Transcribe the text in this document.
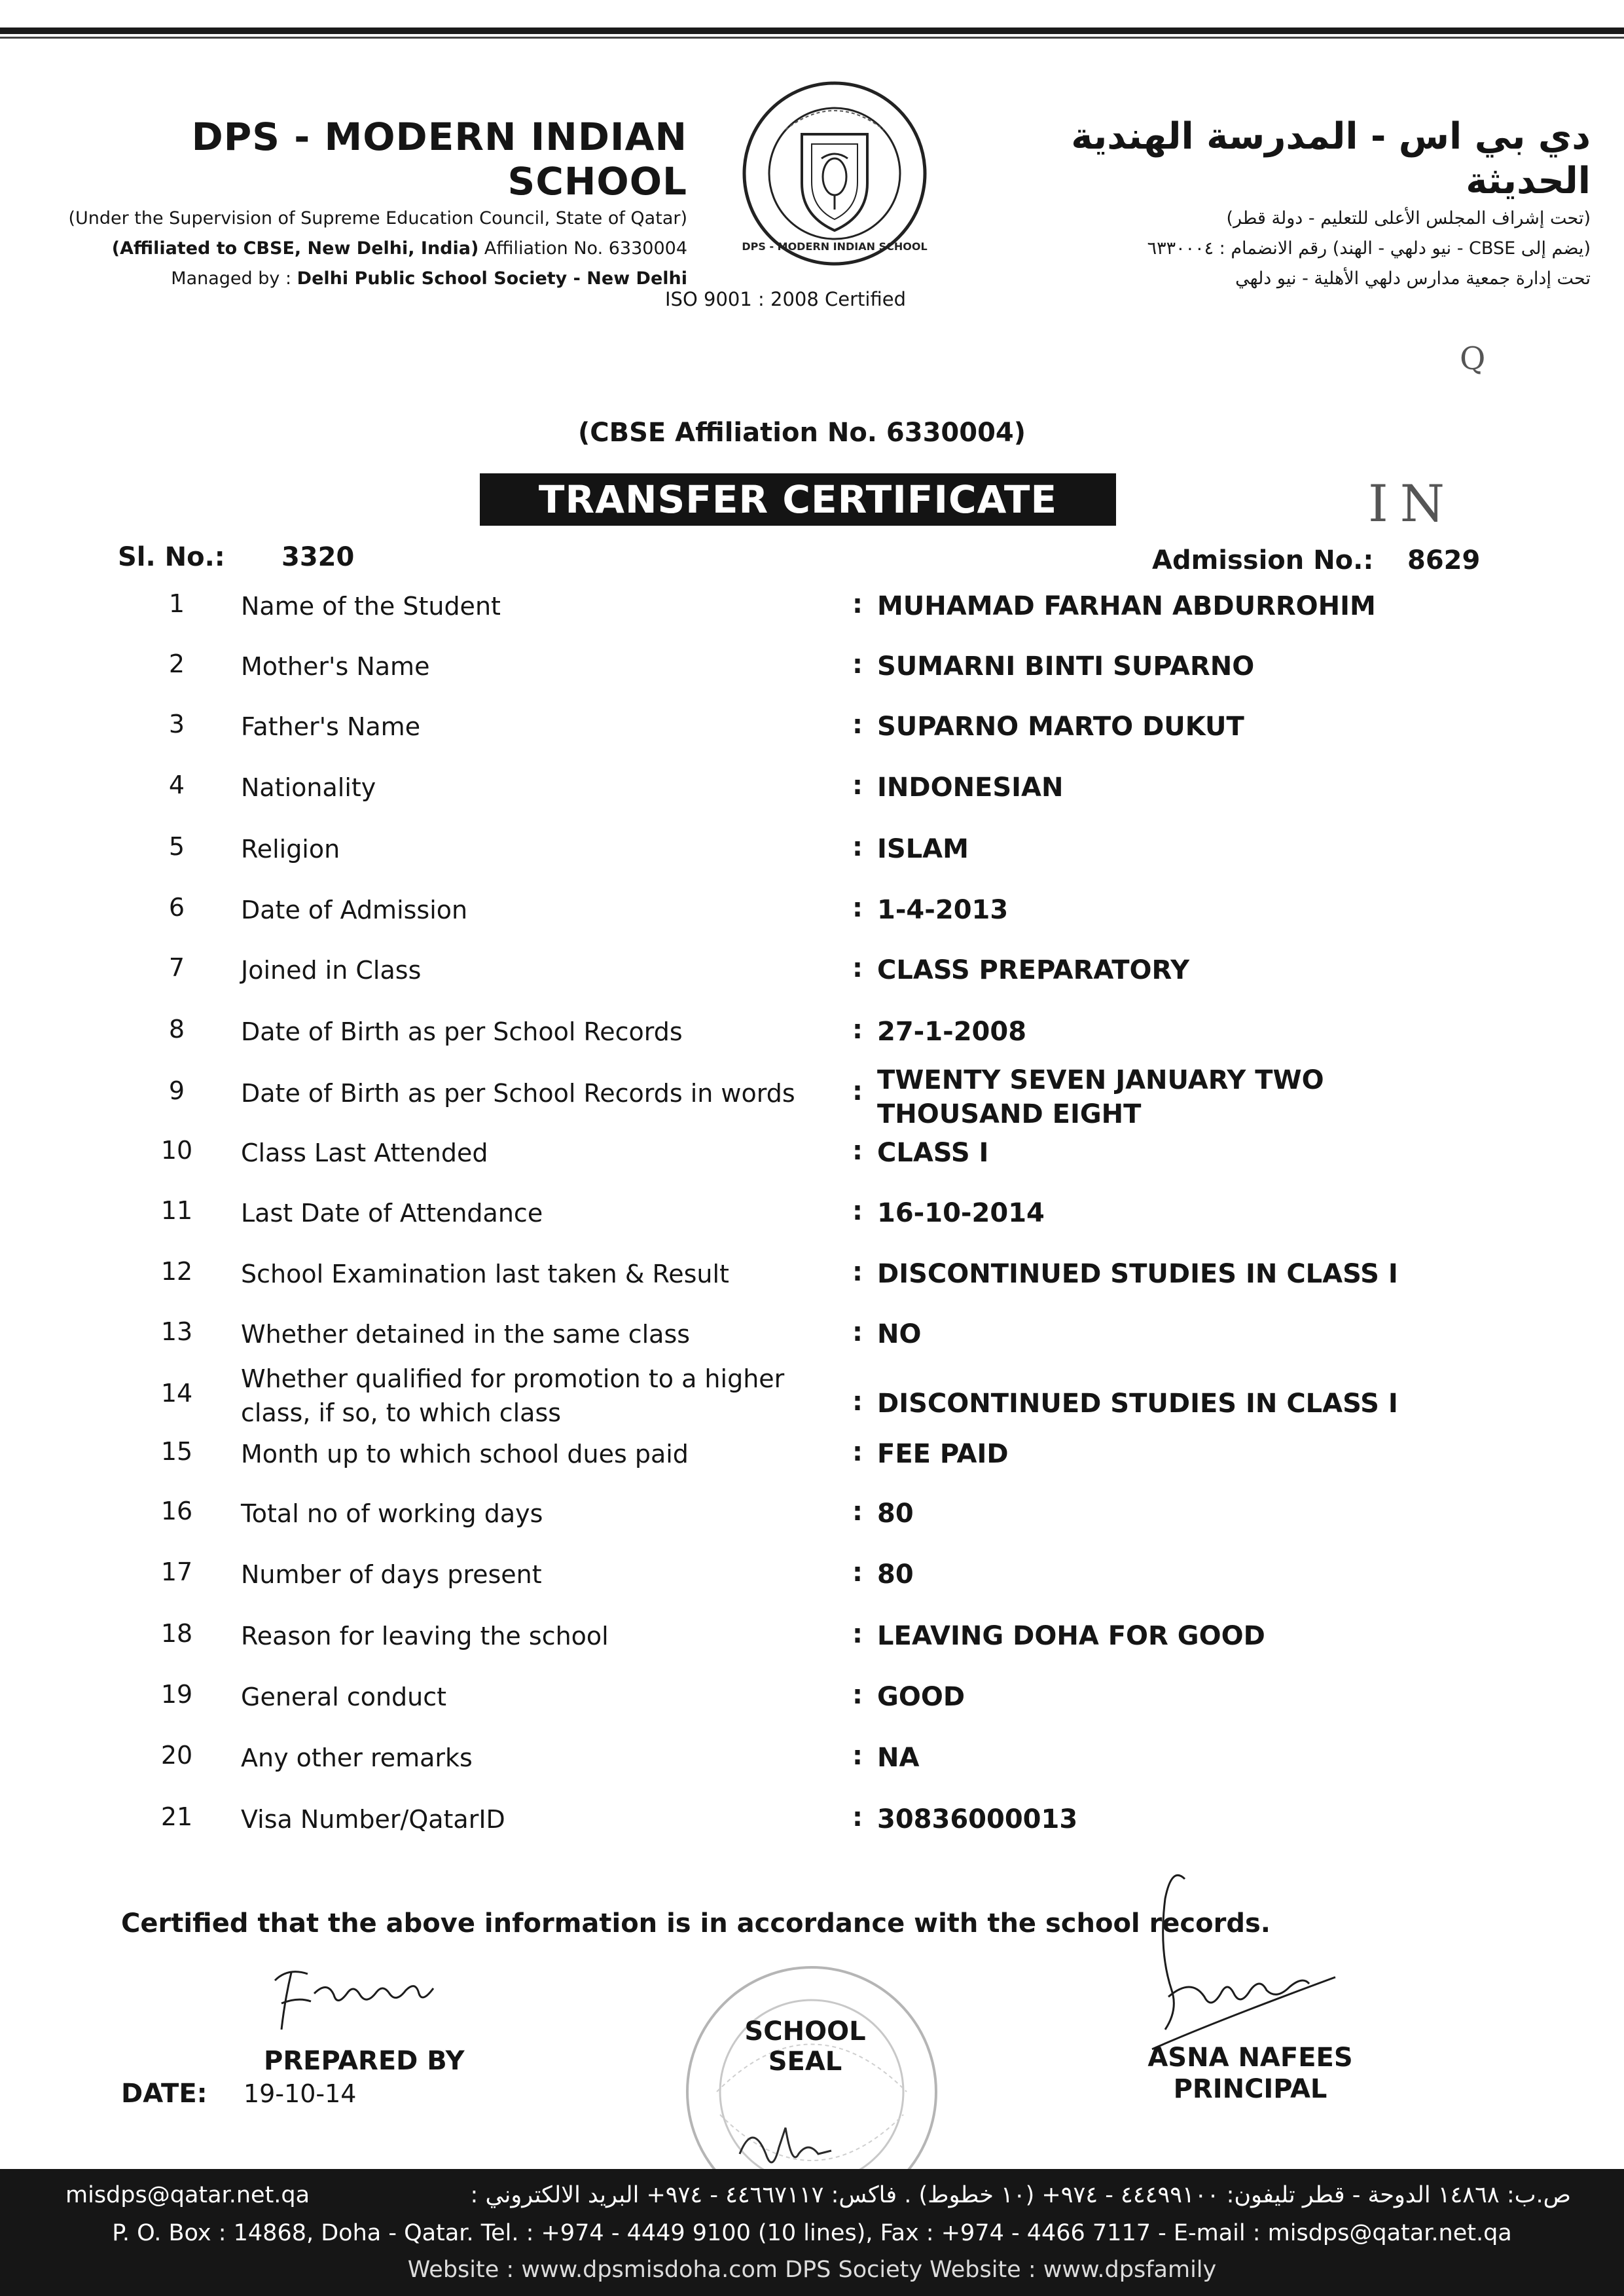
DPS - MODERN INDIAN SCHOOL
(Under the Supervision of Supreme Education Council, State of Qatar)
(Affiliated to CBSE, New Delhi, India) Affiliation No. 6330004
Managed by : Delhi Public School Society - New Delhi
DPS - MODERN INDIAN SCHOOL
دي بي اس - المدرسة الهندية الحديثة
(تحت إشراف المجلس الأعلى للتعليم - دولة قطر)
(يضم إلى CBSE - نيو دلهي - الهند) رقم الانضمام : ٦٣٣٠٠٠٤
تحت إدارة جمعية مدارس دلهي الأهلية - نيو دلهي
ISO 9001 : 2008 Certified
Q
(CBSE Affiliation No. 6330004)
TRANSFER CERTIFICATE	IN
Sl. No.: 3320	Admission No.: 8629
1	Name of the Student	: MUHAMAD FARHAN ABDURROHIM
2	Mother's Name	: SUMARNI BINTI SUPARNO
3	Father's Name	: SUPARNO MARTO DUKUT
4	Nationality	: INDONESIAN
5	Religion	: ISLAM
6	Date of Admission	: 1-4-2013
7	Joined in Class	: CLASS PREPARATORY
8	Date of Birth as per School Records	: 27-1-2008
9	Date of Birth as per School Records in words	: TWENTY SEVEN JANUARY TWO THOUSAND EIGHT
10	Class Last Attended	: CLASS I
11	Last Date of Attendance	: 16-10-2014
12	School Examination last taken & Result	: DISCONTINUED STUDIES IN CLASS I
13	Whether detained in the same class	: NO
14	Whether qualified for promotion to a higher class, if so, to which class	: DISCONTINUED STUDIES IN CLASS I
15	Month up to which school dues paid	: FEE PAID
16	Total no of working days	: 80
17	Number of days present	: 80
18	Reason for leaving the school	: LEAVING DOHA FOR GOOD
19	General conduct	: GOOD
20	Any other remarks	: NA
21	Visa Number/QatarID	: 30836000013
Certified that the above information is in accordance with the school records.
Francis
PREPARED BY
DATE: 19-10-14
SCHOOL SEAL	ASNA NAFEES
PRINCIPAL
misdps@qatar.net.qa	ص.ب: ١٤٨٦٨ الدوحة - قطر تليفون: ٤٤٤٩٩١٠٠ - ٩٧٤+ (١٠ خطوط) . فاكس: ٤٤٦٦٧١١٧ - ٩٧٤+ البريد الالكتروني :
P. O. Box : 14868, Doha - Qatar. Tel. : +974 - 4449 9100 (10 lines), Fax : +974 - 4466 7117 - E-mail : misdps@qatar.net.qa
Website : www.dpsmisdoha.com DPS Society Website : www.dpsfamily
